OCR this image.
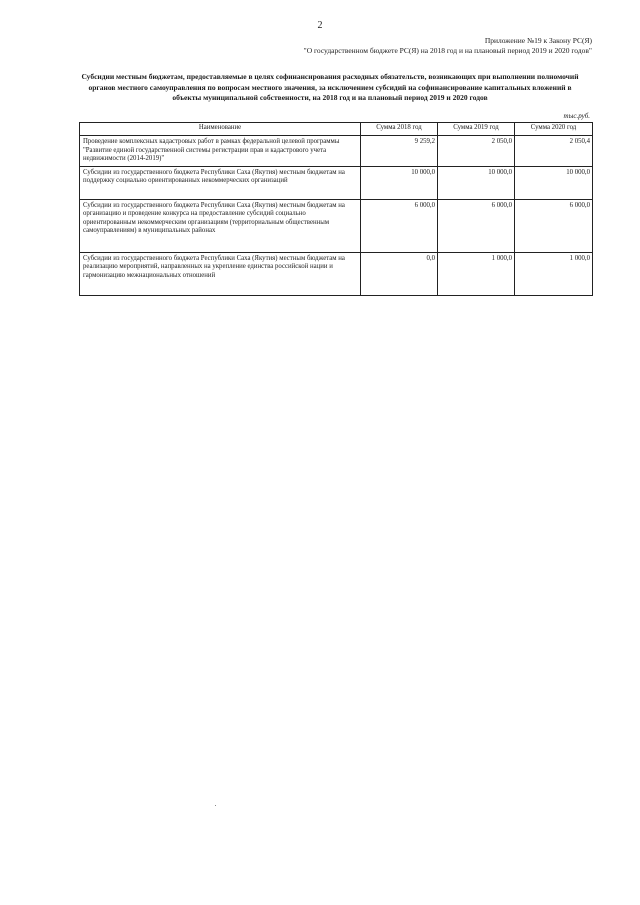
2
Приложение №19 к Закону РС(Я)
"О государственном бюджете РС(Я) на 2018 год и на плановый период 2019 и 2020 годов"
Субсидии местным бюджетам, предоставляемые в целях софинансирования расходных обязательств, возникающих при выполнении полномочий органов местного самоуправления по вопросам местного значения, за исключением субсидий на софинансирование капитальных вложений в объекты муниципальной собственности, на 2018 год и на плановый период 2019 и 2020 годов
тыс.руб.
Наименование	Сумма 2018 год	Сумма 2019 год	Сумма 2020 год
Проведение комплексных кадастровых работ в рамках федеральной целевой программы "Развитие единой государственной системы регистрации прав и кадастрового учета недвижимости (2014-2019)"	9 259,2	2 050,0	2 050,4
Субсидии из государственного бюджета Республики Саха (Якутия) местным бюджетам на поддержку социально ориентированных некоммерческих организаций	10 000,0	10 000,0	10 000,0
Субсидии из государственного бюджета Республики Саха (Якутия) местным бюджетам на организацию и проведение конкурса на предоставление субсидий социально ориентированным некоммерческим организациям (территориальным общественным самоуправлениям) в муниципальных районах	6 000,0	6 000,0	6 000,0
Субсидии из государственного бюджета Республики Саха (Якутия) местным бюджетам на реализацию мероприятий, направленных на укрепление единства российской нации и гармонизацию межнациональных отношений	0,0	1 000,0	1 000,0
